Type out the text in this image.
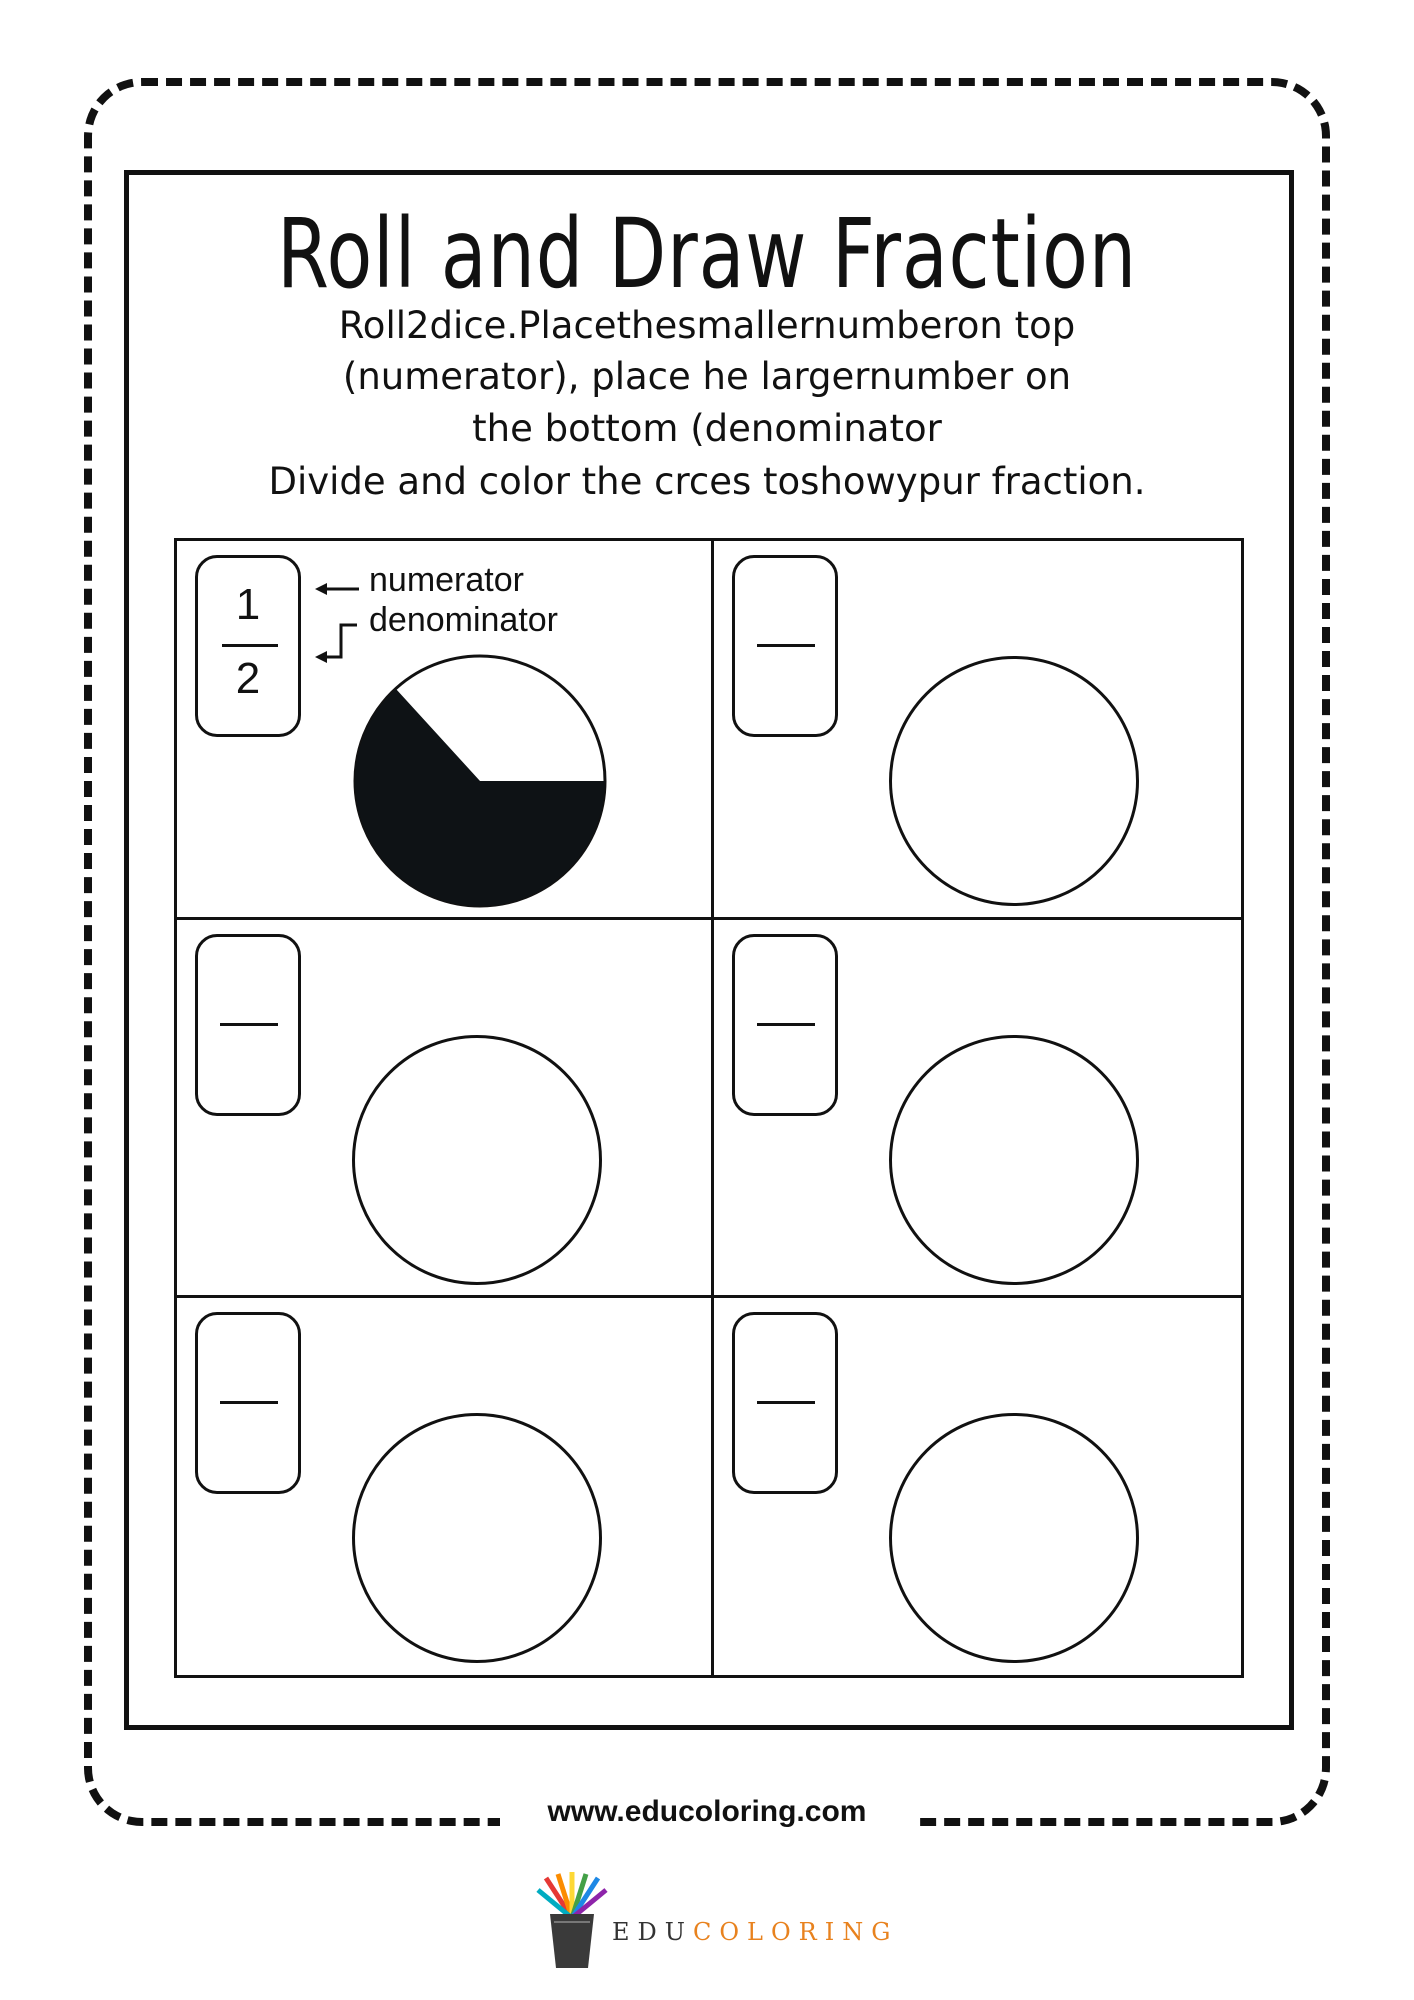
Roll and Draw Fraction
Roll2dice.Placethesmallernumberon top
(numerator), place he largernumber on
the bottom (denominator
Divide and color the crces toshowypur fraction.
1
2
numerator
denominator
www.educoloring.com
EDUCOLORING
